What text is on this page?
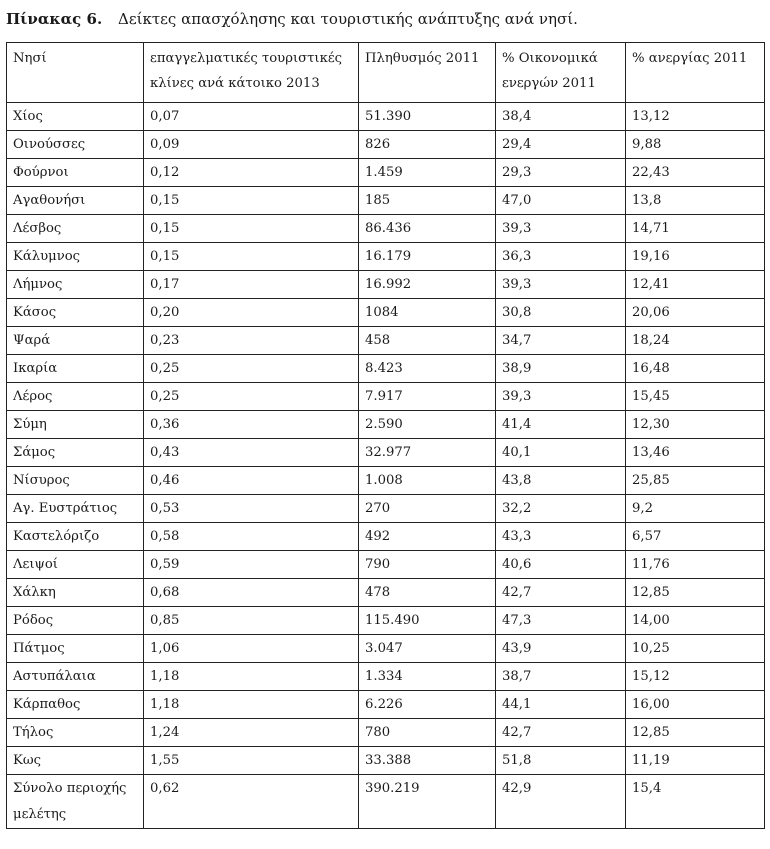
Πίνακας 6. Δείκτες απασχόλησης και τουριστικής ανάπτυξης ανά νησί.
Νησί	επαγγελματικές τουριστικές κλίνες ανά κάτοικο 2013	Πληθυσμός 2011	% Οικονομικά ενεργών 2011	% ανεργίας 2011
Χίος	0,07	51.390	38,4	13,12
Οινούσσες	0,09	826	29,4	9,88
Φούρνοι	0,12	1.459	29,3	22,43
Αγαθονήσι	0,15	185	47,0	13,8
Λέσβος	0,15	86.436	39,3	14,71
Κάλυμνος	0,15	16.179	36,3	19,16
Λήμνος	0,17	16.992	39,3	12,41
Κάσος	0,20	1084	30,8	20,06
Ψαρά	0,23	458	34,7	18,24
Ικαρία	0,25	8.423	38,9	16,48
Λέρος	0,25	7.917	39,3	15,45
Σύμη	0,36	2.590	41,4	12,30
Σάμος	0,43	32.977	40,1	13,46
Νίσυρος	0,46	1.008	43,8	25,85
Αγ. Ευστράτιος	0,53	270	32,2	9,2
Καστελόριζο	0,58	492	43,3	6,57
Λειψοί	0,59	790	40,6	11,76
Χάλκη	0,68	478	42,7	12,85
Ρόδος	0,85	115.490	47,3	14,00
Πάτμος	1,06	3.047	43,9	10,25
Αστυπάλαια	1,18	1.334	38,7	15,12
Κάρπαθος	1,18	6.226	44,1	16,00
Τήλος	1,24	780	42,7	12,85
Κως	1,55	33.388	51,8	11,19
Σύνολο περιοχής μελέτης	0,62	390.219	42,9	15,4
